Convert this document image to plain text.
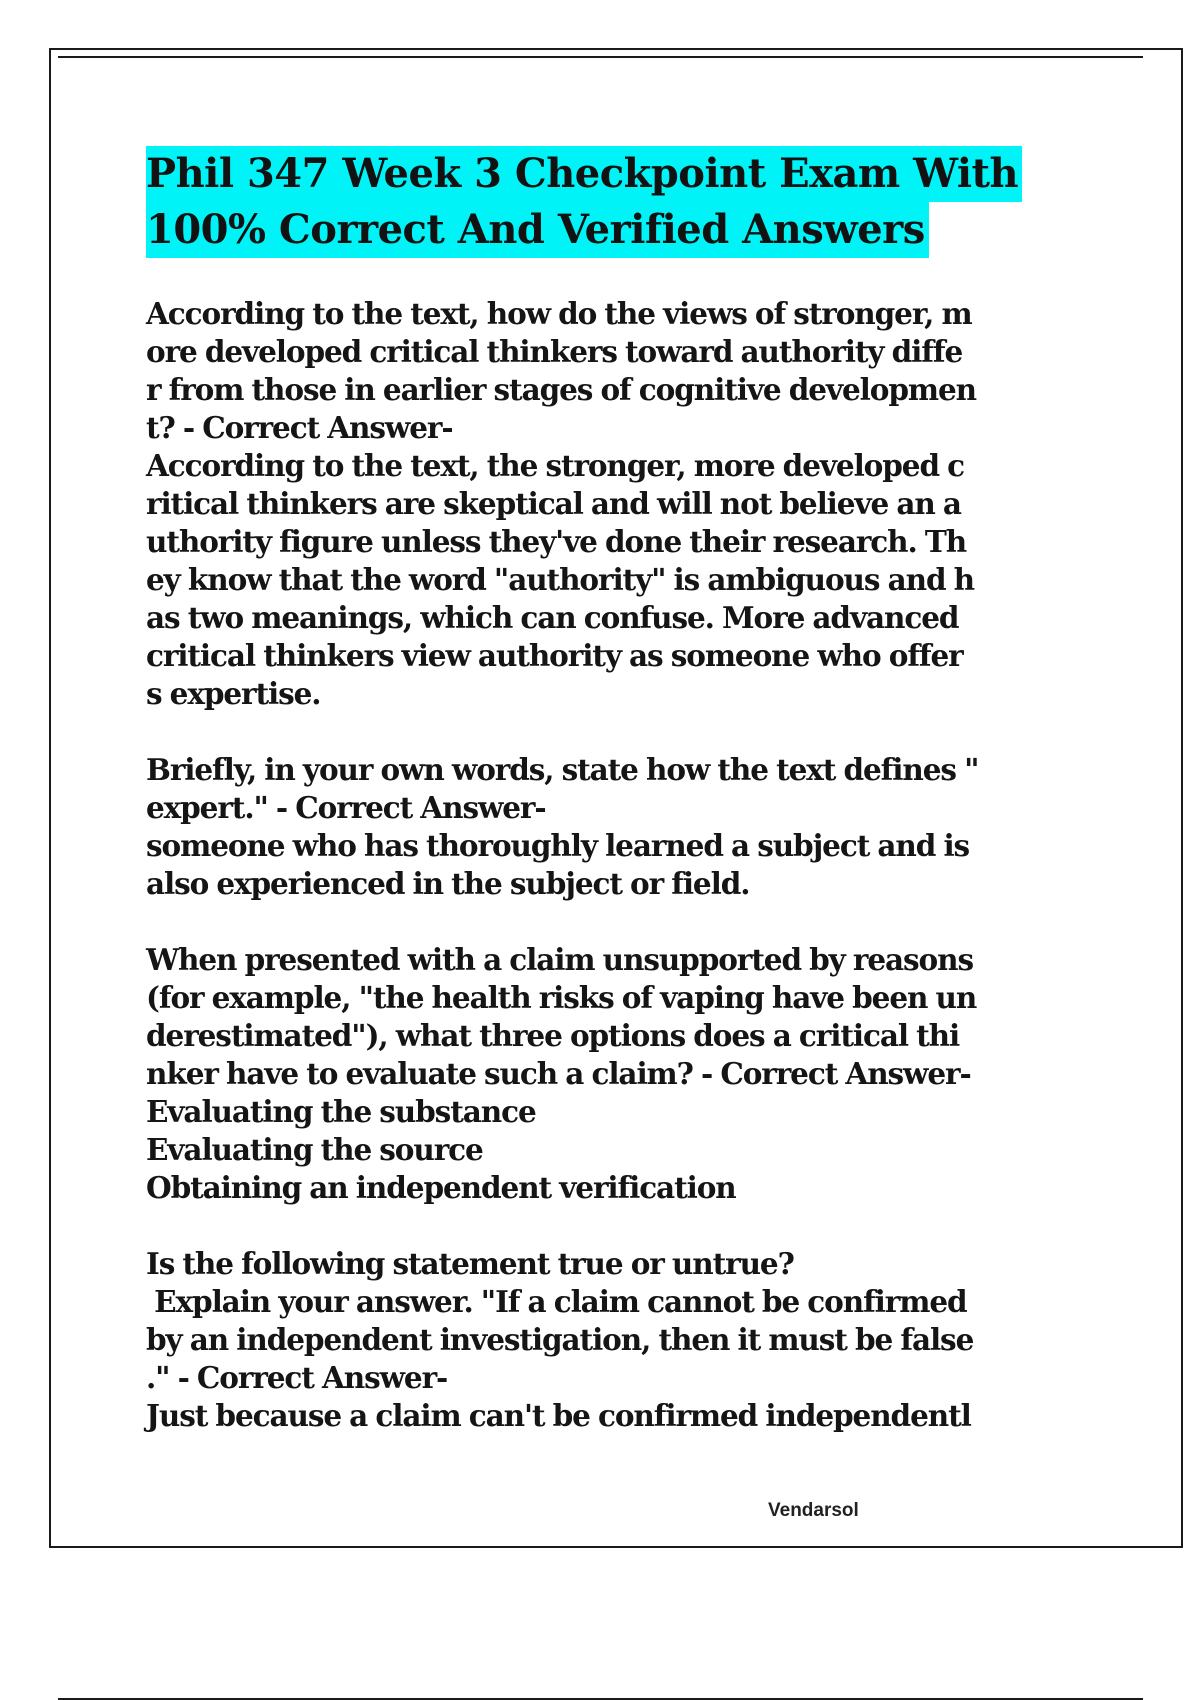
Phil 347 Week 3 Checkpoint Exam With
100% Correct And Verified Answers
According to the text, how do the views of stronger, m
ore developed critical thinkers toward authority diffe
r from those in earlier stages of cognitive developmen
t? - Correct Answer-
According to the text, the stronger, more developed c
ritical thinkers are skeptical and will not believe an a
uthority figure unless they've done their research. Th
ey know that the word "authority" is ambiguous and h
as two meanings, which can confuse. More advanced
critical thinkers view authority as someone who offer
s expertise.
Briefly, in your own words, state how the text defines "
expert." - Correct Answer-
someone who has thoroughly learned a subject and is
also experienced in the subject or field.
When presented with a claim unsupported by reasons
(for example, "the health risks of vaping have been un
derestimated"), what three options does a critical thi
nker have to evaluate such a claim? - Correct Answer-
Evaluating the substance
Evaluating the source
Obtaining an independent verification
Is the following statement true or untrue?
Explain your answer. "If a claim cannot be confirmed
by an independent investigation, then it must be false
." - Correct Answer-
Just because a claim can't be confirmed independentl
Vendarsol
